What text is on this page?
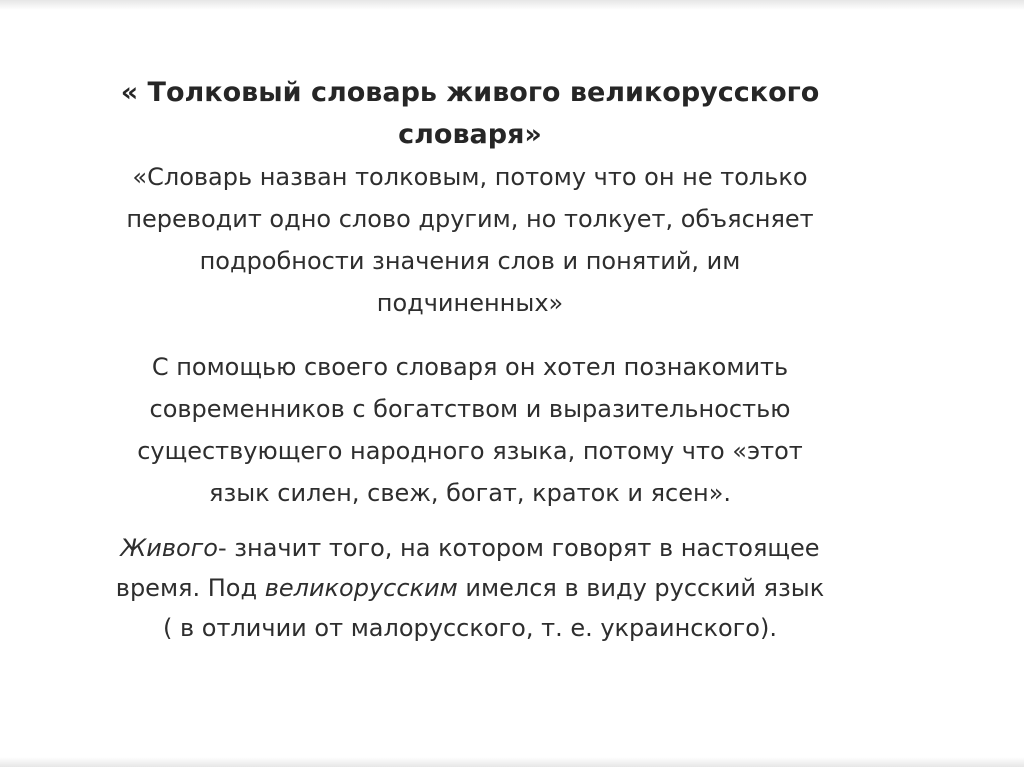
« Толковый словарь живого великорусского
словаря»

«Словарь назван толковым, потому что он не только
переводит одно слово другим, но толкует, объясняет
подробности значения слов и понятий, им
подчиненных»

С помощью своего словаря он хотел познакомить
современников с богатством и выразительностью
существующего народного языка, потому что «этот
язык силен, свеж, богат, краток и ясен».

Живого- значит того, на котором говорят в настоящее
время. Под великорусским имелся в виду русский язык
( в отличии от малорусского, т. е. украинского).
